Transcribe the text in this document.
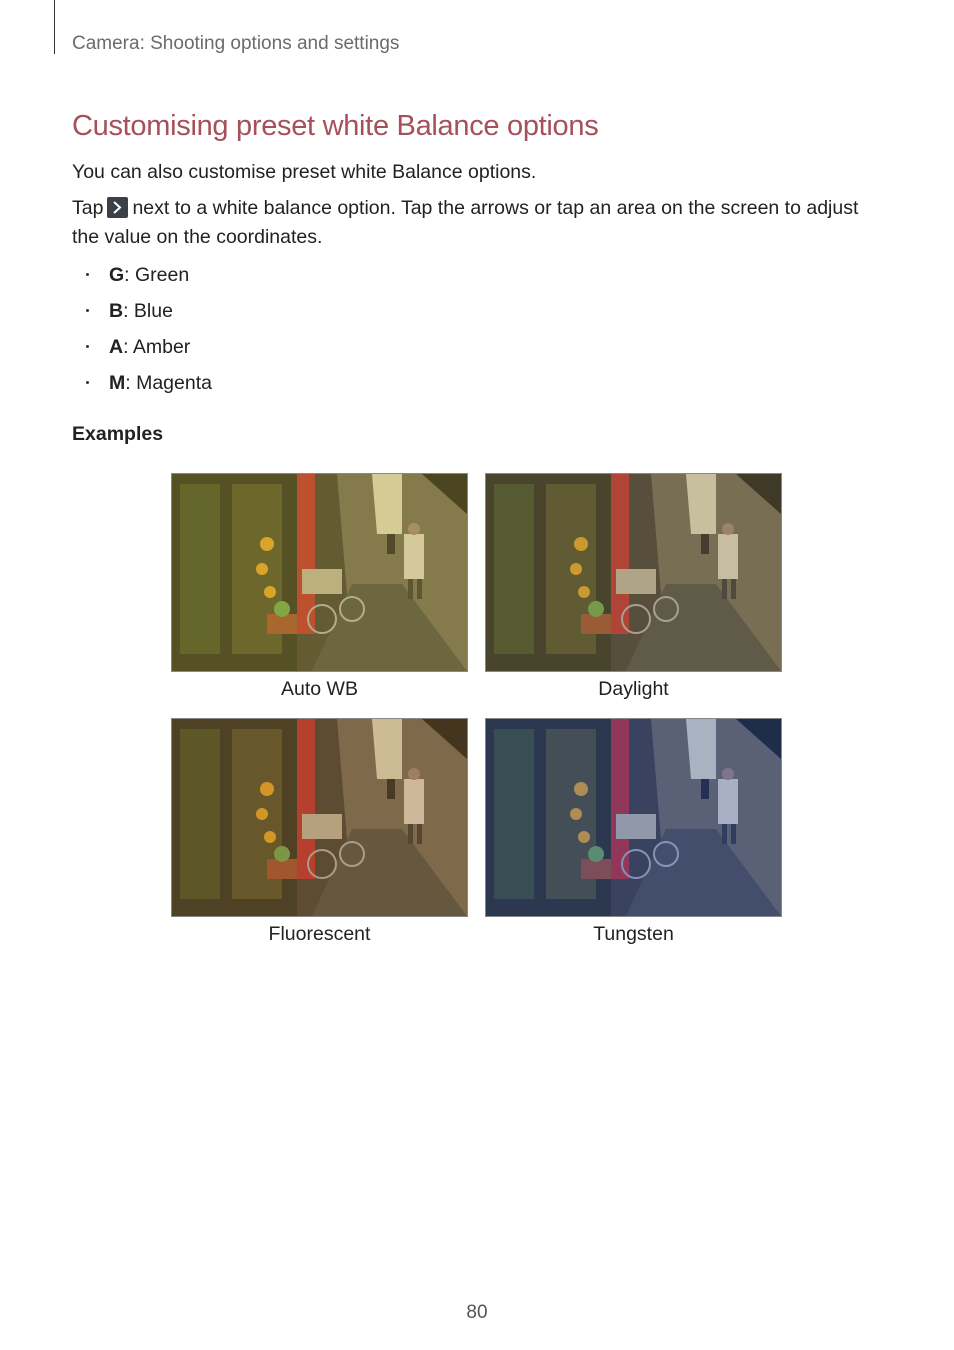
Camera: Shooting options and settings
Customising preset white Balance options
You can also customise preset white Balance options.
Tap next to a white balance option. Tap the arrows or tap an area on the screen to adjust the value on the coordinates.
G: Green
B: Blue
A: Amber
M: Magenta
Examples
Auto WB	Daylight
Fluorescent	Tungsten
80
